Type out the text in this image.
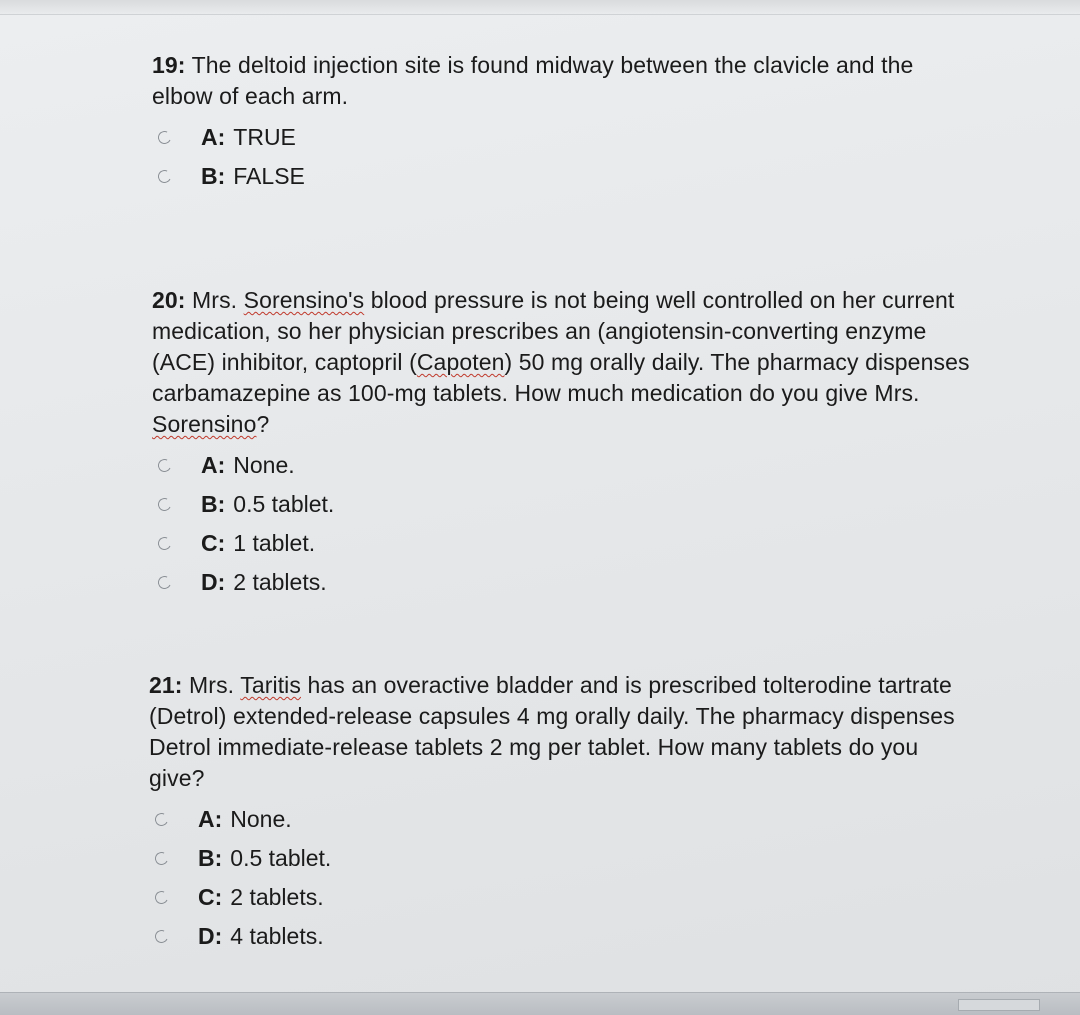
19: The deltoid injection site is found midway between the clavicle and the elbow of each arm.

A: TRUE
B: FALSE

20: Mrs. Sorensino's blood pressure is not being well controlled on her current medication, so her physician prescribes an (angiotensin-converting enzyme (ACE) inhibitor, captopril (Capoten) 50 mg orally daily. The pharmacy dispenses carbamazepine as 100-mg tablets. How much medication do you give Mrs. Sorensino?

A: None.
B: 0.5 tablet.
C: 1 tablet.
D: 2 tablets.

21: Mrs. Taritis has an overactive bladder and is prescribed tolterodine tartrate (Detrol) extended-release capsules 4 mg orally daily. The pharmacy dispenses Detrol immediate-release tablets 2 mg per tablet. How many tablets do you give?

A: None.
B: 0.5 tablet.
C: 2 tablets.
D: 4 tablets.
